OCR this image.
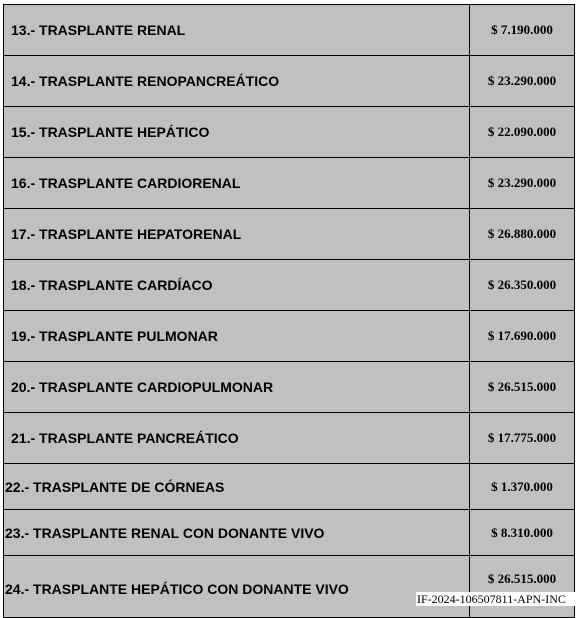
13.- TRASPLANTE RENAL	$ 7.190.000
14.- TRASPLANTE RENOPANCREÁTICO	$ 23.290.000
15.- TRASPLANTE HEPÁTICO	$ 22.090.000
16.- TRASPLANTE CARDIORENAL	$ 23.290.000
17.- TRASPLANTE HEPATORENAL	$ 26.880.000
18.- TRASPLANTE CARDÍACO	$ 26.350.000
19.- TRASPLANTE PULMONAR	$ 17.690.000
20.- TRASPLANTE CARDIOPULMONAR	$ 26.515.000
21.- TRASPLANTE PANCREÁTICO	$ 17.775.000
22.- TRASPLANTE DE CÓRNEAS	$ 1.370.000
23.- TRASPLANTE RENAL CON DONANTE VIVO	$ 8.310.000
24.- TRASPLANTE HEPÁTICO CON DONANTE VIVO	$ 26.515.000
IF-2024-106507811-APN-INC
